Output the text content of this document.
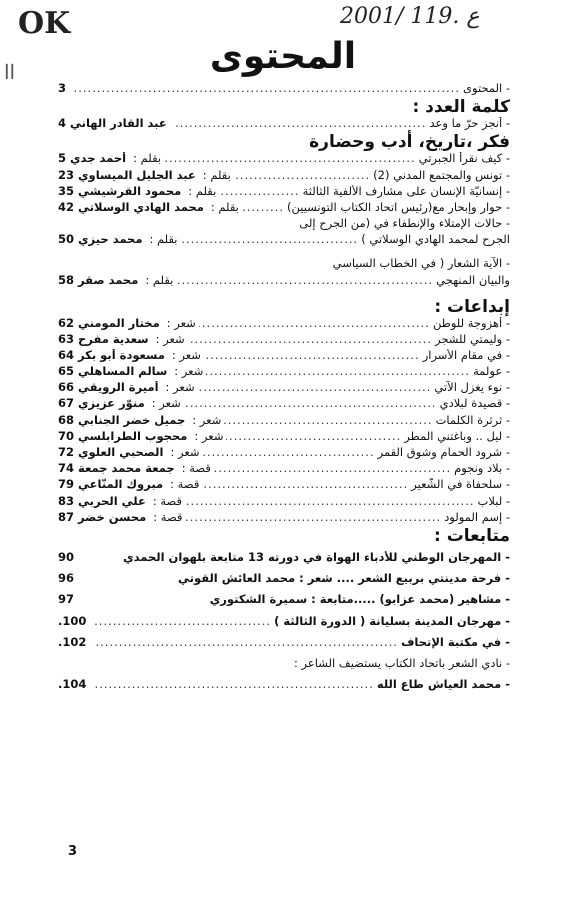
OK	2001/ 119. ع
اا	المحتوى
- المحتوى
.....
3
كلمة العدد :
- أنجز حرّ ما وعد
.....
عبد القادر الهاني
4
فكر ،تاريخ، أدب وحضارة
- كيف نقرأ الجبرتي
.....
بقلم :
أحمد جدي
5
- تونس والمجتمع المدني (2)
.....
بقلم :
عبد الجليل الميساوي
23
- إنسانيّة الإنسان على مشارف الألفية الثالثة
.....
بقلم :
محمود القرشيشي
35
- حوار وإبحار مع(رئيس اتحاد الكتاب التونسيين)
.....
بقلم :
محمد الهادي الوسلاتي
42
- حالات الإمتلاء والإنطفاء في (من الجرح إلى
الجرح لمحمد الهادي الوسلاتي )
.....
بقلم :
محمد حيزي
50
- الآية الشعار ( في الخطاب السياسي
والبيان المنهجي
.....
بقلم :
محمد صقر
58
إبداعات :
- أهزوجة للوطن
.....
شعر :
مختار المومني
62
- وليمتي للشجر
.....
شعر :
سعدية مفرح
63
- في مقام الأسرار
.....
شعر :
مسعودة أبو بكر
64
- عولمة
.....
شعر :
سالم المساهلي
65
- نوء يغزل الآتي
.....
شعر :
أميرة الرويقي
66
- قصيدة لبلادي
.....
شعر :
منوّر عزيزي
67
- ثرثرة الكلمات
.....
شعر :
جميل خضر الجنابي
68
- ليل .. وباغتني المطر
.....
شعر :
محجوب الطرابلسي
70
- شرود الحمام وشوق القمر
.....
شعر :
الصحبي العلوي
72
- بلاد ونجوم
.....
قصة :
جمعة محمد جمعة
74
- سلحفاة في الشّعير
.....
قصة :
مبروك المنّاعي
79
- لبلاب
.....
قصة :
علي الحربي
83
- إسم المولود
.....
قصة :
محسن خضر
87
متابعات :
- المهرجان الوطني للأدباء الهواة في دورته 13 متابعة بلهوان الحمدي
90
- فرحة مدينتي بربيع الشعر .... شعر : محمد العائش القوتي
96
- مشاهير (محمد عزابو) .....متابعة : سميرة الشكتوري
97
- مهرجان المدينة بسليانة ( الدورة الثالثة )
.....
100.
- في مكتبة الإتحاف
.....
102.
- نادي الشعر باتحاد الكتاب يستضيف الشاعر :
- محمد العياش طاع الله
.....
104.
3
